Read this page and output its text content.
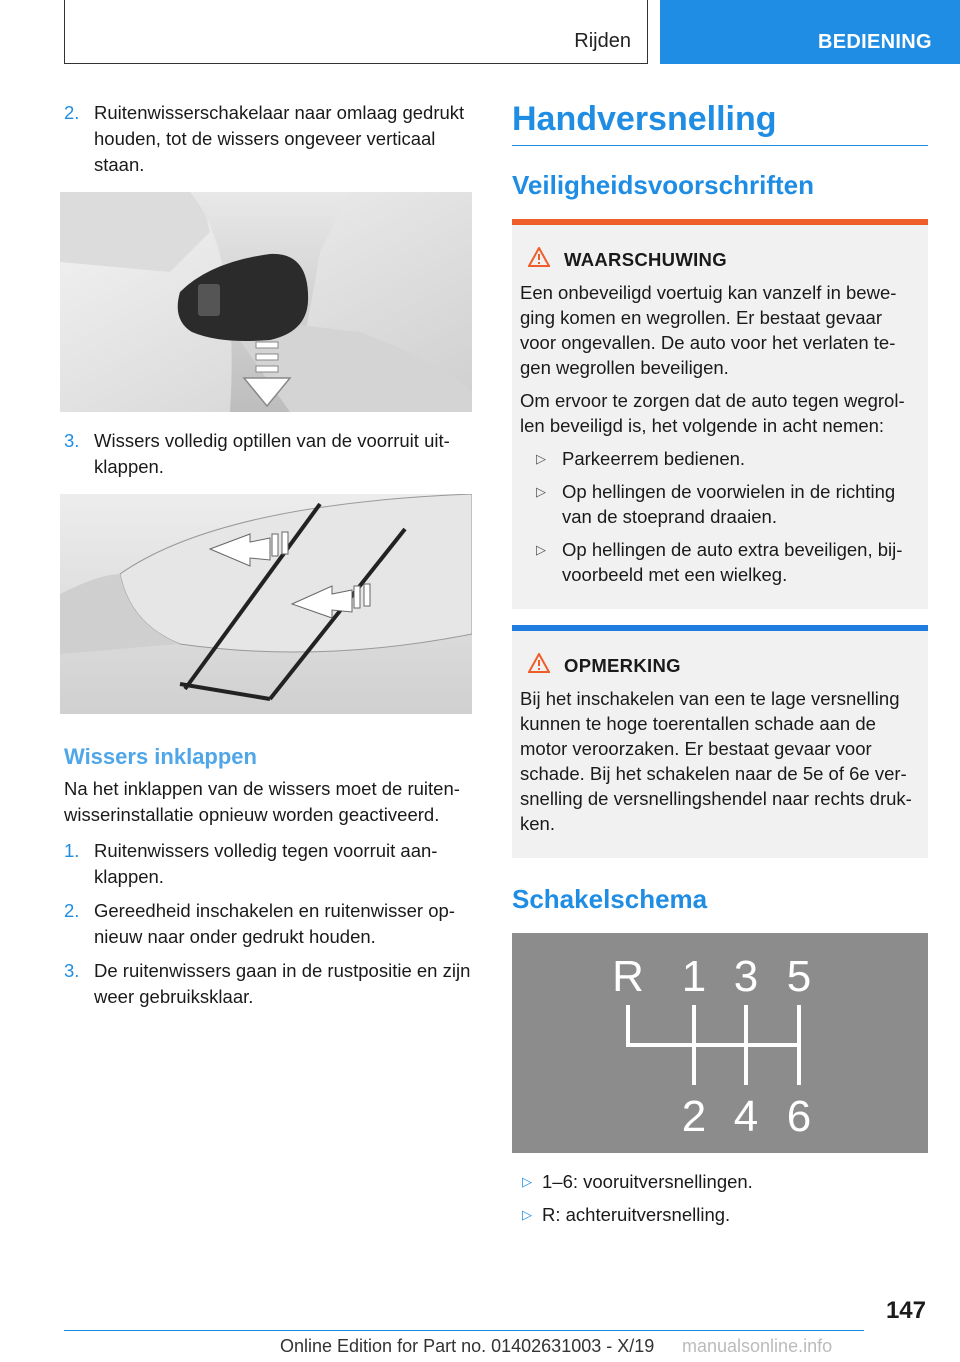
Rijden	BEDIENING
2. Ruitenwisserschakelaar naar omlaag gedrukt houden, tot de wissers ongeveer verticaal staan.
3. Wissers volledig optillen van de voorruit uit-klappen.
Wissers inklappen

Na het inklappen van de wissers moet de ruiten-wisserinstallatie opnieuw worden geactiveerd.

1. Ruitenwissers volledig tegen voorruit aan-klappen.
2. Gereedheid inschakelen en ruitenwisser op-nieuw naar onder gedrukt houden.
3. De ruitenwissers gaan in de rustpositie en zijn weer gebruiksklaar.
Handversnelling
Veiligheidsvoorschriften
WAARSCHUWING

Een onbeveiligd voertuig kan vanzelf in bewe-ging komen en wegrollen. Er bestaat gevaar voor ongevallen. De auto voor het verlaten te-gen wegrollen beveiligen.

Om ervoor te zorgen dat de auto tegen wegrol-len beveiligd is, het volgende in acht nemen:

▷ Parkeerrem bedienen.
▷ Op hellingen de voorwielen in de richting van de stoeprand draaien.
▷ Op hellingen de auto extra beveiligen, bij-voorbeeld met een wielkeg.
OPMERKING

Bij het inschakelen van een te lage versnelling kunnen te hoge toerentallen schade aan de motor veroorzaken. Er bestaat gevaar voor schade. Bij het schakelen naar de 5e of 6e ver-snelling de versnellingshendel naar rechts druk-ken.

Schakelschema
R 1 3 5
2 4 6
▷ 1–6: vooruitversnellingen.
▷ R: achteruitversnelling.
147
Online Edition for Part no. 01402631003 - X/19 manualsonline.info
